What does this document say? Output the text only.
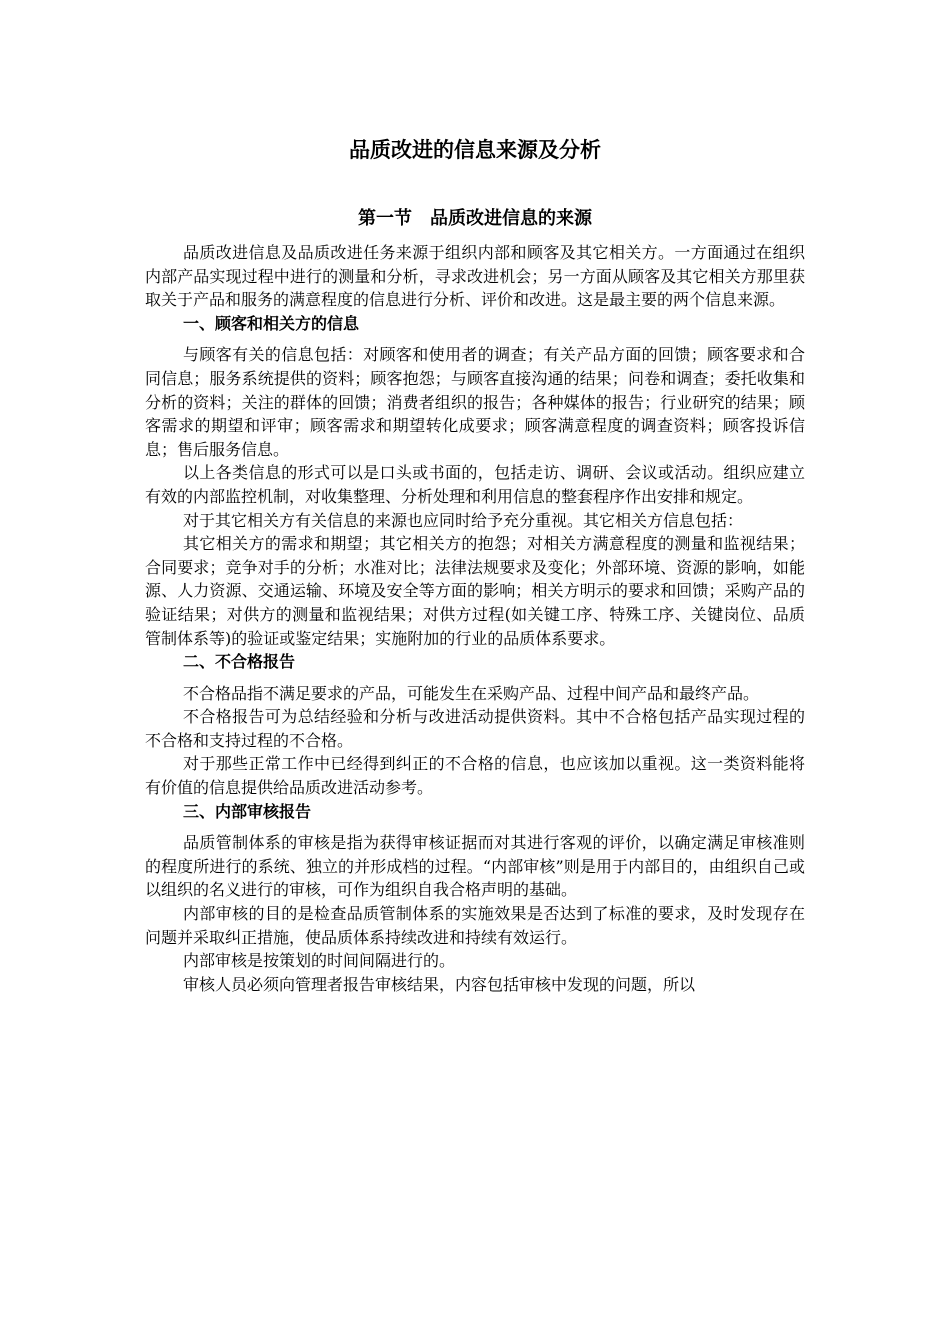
品质改进的信息来源及分析
第一节 品质改进信息的来源

品质改进信息及品质改进任务来源于组织内部和顾客及其它相关方。一方面通过在组织内部产品实现过程中进行的测量和分析，寻求改进机会；另一方面从顾客及其它相关方那里获取关于产品和服务的满意程度的信息进行分析、评价和改进。这是最主要的两个信息来源。

一、顾客和相关方的信息

与顾客有关的信息包括：对顾客和使用者的调查；有关产品方面的回馈；顾客要求和合同信息；服务系统提供的资料；顾客抱怨；与顾客直接沟通的结果；问卷和调查；委托收集和分析的资料；关注的群体的回馈；消费者组织的报告；各种媒体的报告；行业研究的结果；顾客需求的期望和评审；顾客需求和期望转化成要求；顾客满意程度的调查资料；顾客投诉信息；售后服务信息。

以上各类信息的形式可以是口头或书面的，包括走访、调研、会议或活动。组织应建立有效的内部监控机制，对收集整理、分析处理和利用信息的整套程序作出安排和规定。

对于其它相关方有关信息的来源也应同时给予充分重视。其它相关方信息包括：

其它相关方的需求和期望；其它相关方的抱怨；对相关方满意程度的测量和监视结果；合同要求；竞争对手的分析；水准对比；法律法规要求及变化；外部环境、资源的影响，如能源、人力资源、交通运输、环境及安全等方面的影响；相关方明示的要求和回馈；采购产品的验证结果；对供方的测量和监视结果；对供方过程(如关键工序、特殊工序、关键岗位、品质管制体系等)的验证或鉴定结果；实施附加的行业的品质体系要求。

二、不合格报告

不合格品指不满足要求的产品，可能发生在采购产品、过程中间产品和最终产品。

不合格报告可为总结经验和分析与改进活动提供资料。其中不合格包括产品实现过程的不合格和支持过程的不合格。

对于那些正常工作中已经得到纠正的不合格的信息，也应该加以重视。这一类资料能将有价值的信息提供给品质改进活动参考。

三、内部审核报告

品质管制体系的审核是指为获得审核证据而对其进行客观的评价，以确定满足审核准则的程度所进行的系统、独立的并形成档的过程。“内部审核”则是用于内部目的，由组织自己或以组织的名义进行的审核，可作为组织自我合格声明的基础。

内部审核的目的是检查品质管制体系的实施效果是否达到了标准的要求，及时发现存在问题并采取纠正措施，使品质体系持续改进和持续有效运行。

内部审核是按策划的时间间隔进行的。

审核人员必须向管理者报告审核结果，内容包括审核中发现的问题，所以
